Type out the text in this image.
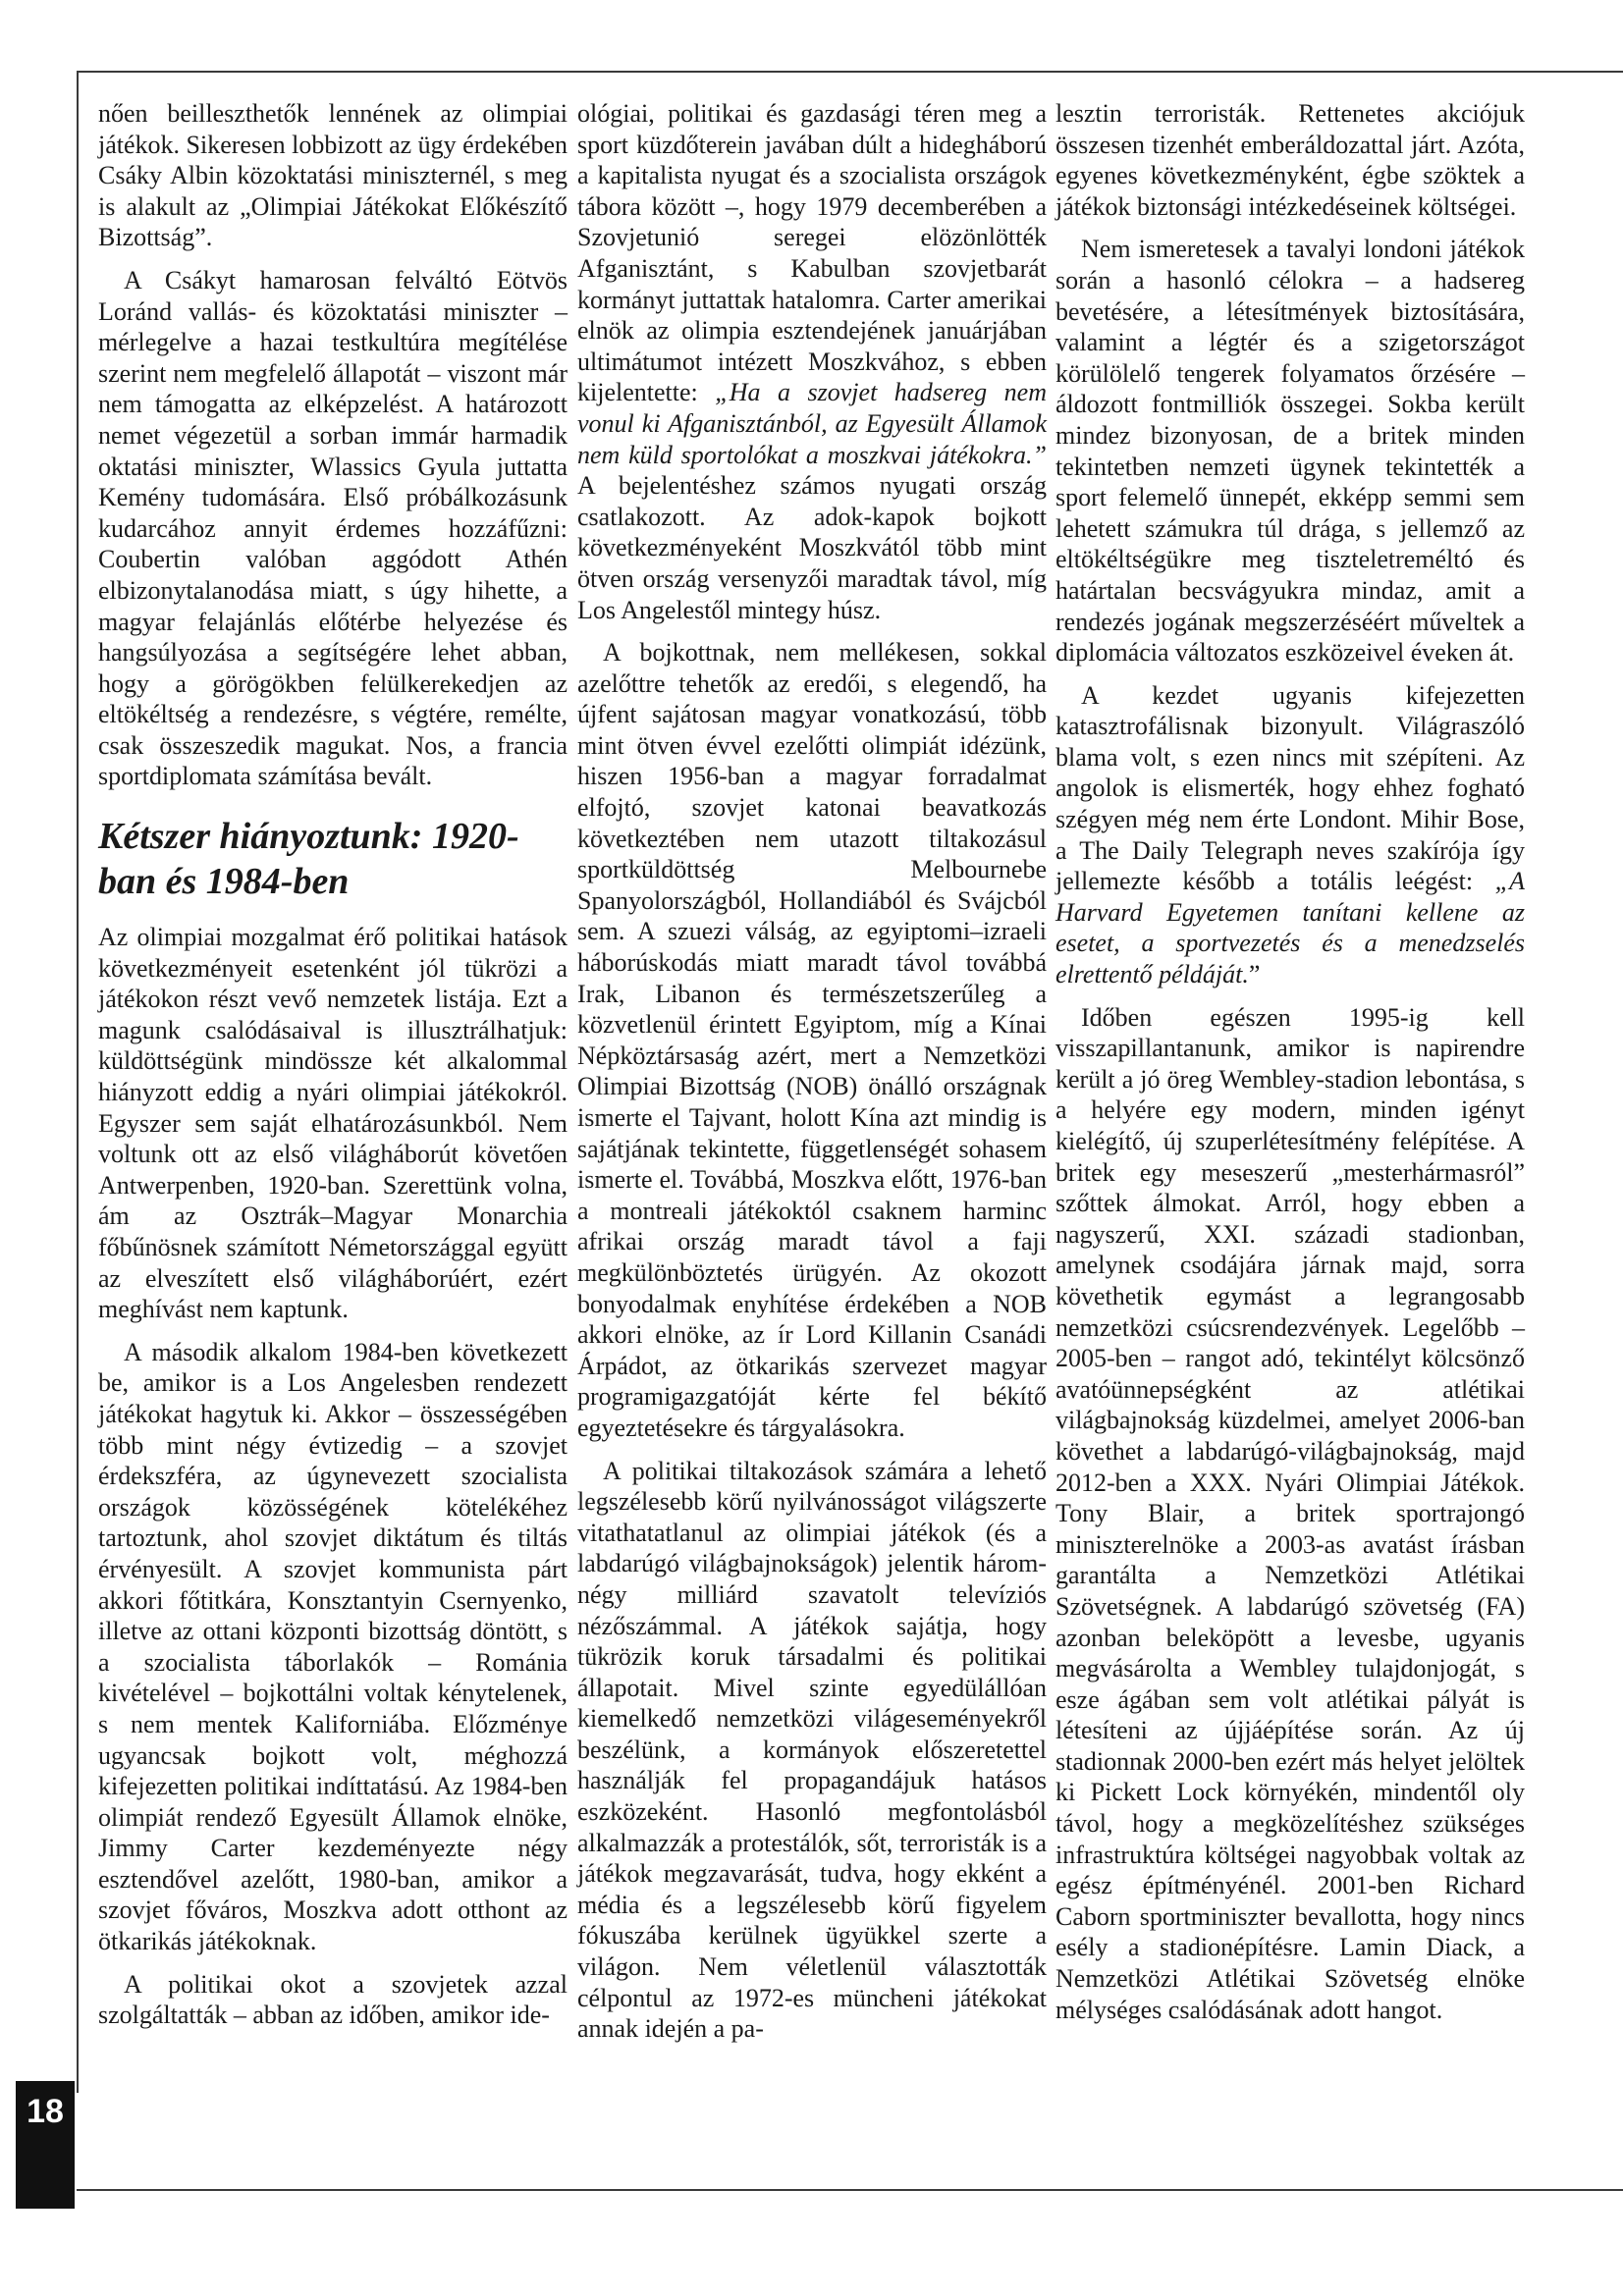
nően beilleszthetők lennének az olimpiai játékok. Sikeresen lobbizott az ügy érdekében Csáky Albin közoktatási miniszternél, s meg is alakult az „Olimpiai Játékokat Előkészítő Bizottság”.

A Csákyt hamarosan felváltó Eötvös Loránd vallás- és közoktatási miniszter – mérlegelve a hazai testkultúra megítélése szerint nem megfelelő állapotát – viszont már nem támogatta az elképzelést. A határozott nemet végezetül a sorban immár harmadik oktatási miniszter, Wlassics Gyula juttatta Kemény tudomására. Első próbálkozásunk kudarcához annyit érdemes hozzáfűzni: Coubertin valóban aggódott Athén elbizonytalanodása miatt, s úgy hihette, a magyar felajánlás előtérbe helyezése és hangsúlyozása a segítségére lehet abban, hogy a görögökben felülkerekedjen az eltökéltség a rendezésre, s végtére, remélte, csak összeszedik magukat. Nos, a francia sportdiplomata számítása bevált.

Kétszer hiányoztunk: 1920-ban és 1984-ben

Az olimpiai mozgalmat érő politikai hatások következményeit esetenként jól tükrözi a játékokon részt vevő nemzetek listája. Ezt a magunk csalódásaival is illusztrálhatjuk: küldöttségünk mindössze két alkalommal hiányzott eddig a nyári olimpiai játékokról. Egyszer sem saját elhatározásunkból. Nem voltunk ott az első világháborút követően Antwerpenben, 1920-ban. Szerettünk volna, ám az Osztrák–Magyar Monarchia főbűnösnek számított Németországgal együtt az elveszített első világháborúért, ezért meghívást nem kaptunk.

A második alkalom 1984-ben következett be, amikor is a Los Angelesben rendezett játékokat hagytuk ki. Akkor – összességében több mint négy évtizedig – a szovjet érdekszféra, az úgynevezett szocialista országok közösségének kötelékéhez tartoztunk, ahol szovjet diktátum és tiltás érvényesült. A szovjet kommunista párt akkori főtitkára, Konsztantyin Csernyenko, illetve az ottani központi bizottság döntött, s a szocialista táborlakók – Románia kivételével – bojkottálni voltak kénytelenek, s nem mentek Kaliforniába. Előzménye ugyancsak bojkott volt, méghozzá kifejezetten politikai indíttatású. Az 1984-ben olimpiát rendező Egyesült Államok elnöke, Jimmy Carter kezdeményezte négy esztendővel azelőtt, 1980-ban, amikor a szovjet főváros, Moszkva adott otthont az ötkarikás játékoknak.

A politikai okot a szovjetek azzal szolgáltatták – abban az időben, amikor ide-

ológiai, politikai és gazdasági téren meg a sport küzdőterein javában dúlt a hidegháború a kapitalista nyugat és a szocialista országok tábora között –, hogy 1979 decemberében a Szovjetunió seregei elözönlötték Afganisztánt, s Kabulban szovjetbarát kormányt juttattak hatalomra. Carter amerikai elnök az olimpia esztendejének januárjában ultimátumot intézett Moszkvához, s ebben kijelentette: „Ha a szovjet hadsereg nem vonul ki Afganisztánból, az Egyesült Államok nem küld sportolókat a moszkvai játékokra.” A bejelentéshez számos nyugati ország csatlakozott. Az adok-kapok bojkott következményeként Moszkvától több mint ötven ország versenyzői maradtak távol, míg Los Angelestől mintegy húsz.

A bojkottnak, nem mellékesen, sokkal azelőttre tehetők az eredői, s elegendő, ha újfent sajátosan magyar vonatkozású, több mint ötven évvel ezelőtti olimpiát idézünk, hiszen 1956-ban a magyar forradalmat elfojtó, szovjet katonai beavatkozás következtében nem utazott tiltakozásul sportküldöttség Melbournebe Spanyolországból, Hollandiából és Svájcból sem. A szuezi válság, az egyiptomi–izraeli háborúskodás miatt maradt távol továbbá Irak, Libanon és természetszerűleg a közvetlenül érintett Egyiptom, míg a Kínai Népköztársaság azért, mert a Nemzetközi Olimpiai Bizottság (NOB) önálló országnak ismerte el Tajvant, holott Kína azt mindig is sajátjának tekintette, függetlenségét sohasem ismerte el. Továbbá, Moszkva előtt, 1976-ban a montreali játékoktól csaknem harminc afrikai ország maradt távol a faji megkülönböztetés ürügyén. Az okozott bonyodalmak enyhítése érdekében a NOB akkori elnöke, az ír Lord Killanin Csanádi Árpádot, az ötkarikás szervezet magyar programigazgatóját kérte fel békítő egyeztetésekre és tárgyalásokra.

A politikai tiltakozások számára a lehető legszélesebb körű nyilvánosságot világszerte vitathatatlanul az olimpiai játékok (és a labdarúgó világbajnokságok) jelentik három-négy milliárd szavatolt televíziós nézőszámmal. A játékok sajátja, hogy tükrözik koruk társadalmi és politikai állapotait. Mivel szinte egyedülállóan kiemelkedő nemzetközi világeseményekről beszélünk, a kormányok előszeretettel használják fel propagandájuk hatásos eszközeként. Hasonló megfontolásból alkalmazzák a protestálók, sőt, terroristák is a játékok megzavarását, tudva, hogy ekként a média és a legszélesebb körű figyelem fókuszába kerülnek ügyükkel szerte a világon. Nem véletlenül választották célpontul az 1972-es müncheni játékokat annak idején a pa-

lesztin terroristák. Rettenetes akciójuk összesen tizenhét emberáldozattal járt. Azóta, egyenes következményként, égbe szöktek a játékok biztonsági intézkedéseinek költségei.

Nem ismeretesek a tavalyi londoni játékok során a hasonló célokra – a hadsereg bevetésére, a létesítmények biztosítására, valamint a légtér és a szigetországot körülölelő tengerek folyamatos őrzésére – áldozott fontmilliók összegei. Sokba került mindez bizonyosan, de a britek minden tekintetben nemzeti ügynek tekintették a sport felemelő ünnepét, ekképp semmi sem lehetett számukra túl drága, s jellemző az eltökéltségükre meg tiszteletreméltó és határtalan becsvágyukra mindaz, amit a rendezés jogának megszerzéséért műveltek a diplomácia változatos eszközeivel éveken át.

A kezdet ugyanis kifejezetten katasztrofálisnak bizonyult. Világraszóló blama volt, s ezen nincs mit szépíteni. Az angolok is elismerték, hogy ehhez fogható szégyen még nem érte Londont. Mihir Bose, a The Daily Telegraph neves szakírója így jellemezte később a totális leégést: „A Harvard Egyetemen tanítani kellene az esetet, a sportvezetés és a menedzselés elrettentő példáját.”

Időben egészen 1995-ig kell visszapillantanunk, amikor is napirendre került a jó öreg Wembley-stadion lebontása, s a helyére egy modern, minden igényt kielégítő, új szuperlétesítmény felépítése. A britek egy meseszerű „mesterhármasról” szőttek álmokat. Arról, hogy ebben a nagyszerű, XXI. századi stadionban, amelynek csodájára járnak majd, sorra követhetik egymást a legrangosabb nemzetközi csúcsrendezvények. Legelőbb – 2005-ben – rangot adó, tekintélyt kölcsönző avatóünnepségként az atlétikai világbajnokság küzdelmei, amelyet 2006-ban követhet a labdarúgó-világbajnokság, majd 2012-ben a XXX. Nyári Olimpiai Játékok. Tony Blair, a britek sportrajongó miniszterelnöke a 2003-as avatást írásban garantálta a Nemzetközi Atlétikai Szövetségnek. A labdarúgó szövetség (FA) azonban beleköpött a levesbe, ugyanis megvásárolta a Wembley tulajdonjogát, s esze ágában sem volt atlétikai pályát is létesíteni az újjáépítése során. Az új stadionnak 2000-ben ezért más helyet jelöltek ki Pickett Lock környékén, mindentől oly távol, hogy a megközelítéshez szükséges infrastruktúra költségei nagyobbak voltak az egész építményénél. 2001-ben Richard Caborn sportminiszter bevallotta, hogy nincs esély a stadionépítésre. Lamin Diack, a Nemzetközi Atlétikai Szövetség elnöke mélységes csalódásának adott hangot.

18
